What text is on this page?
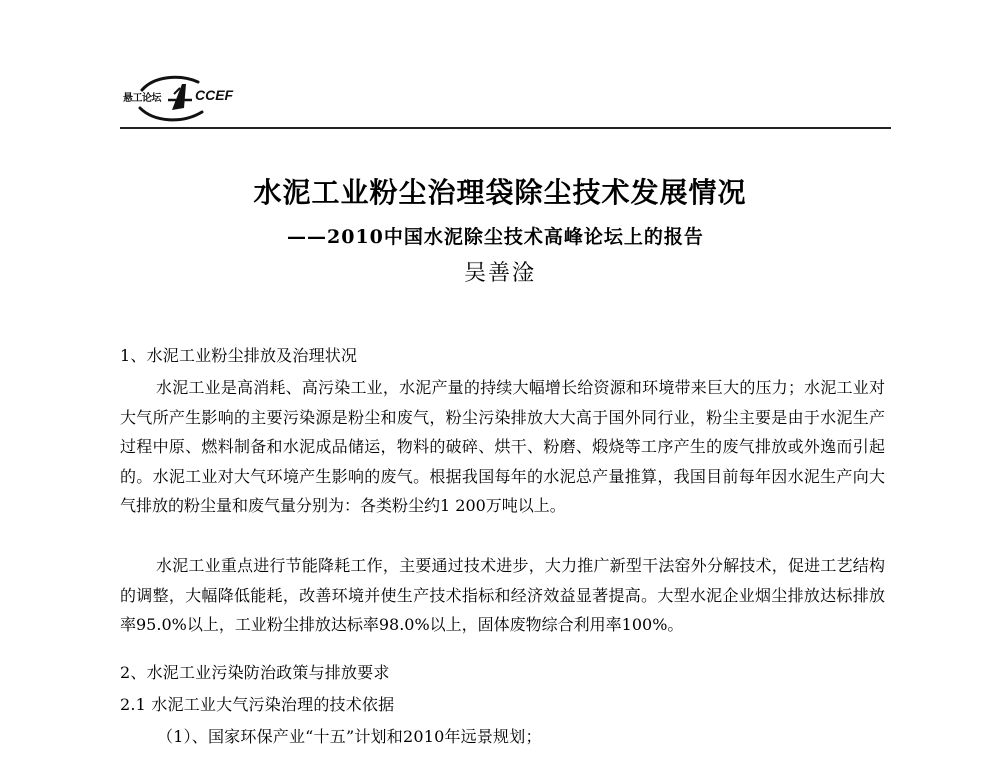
悬工论坛 CCEF
水泥工业粉尘治理袋除尘技术发展情况
——2010中国水泥除尘技术高峰论坛上的报告
吴善淦
1、水泥工业粉尘排放及治理状况
水泥工业是高消耗、高污染工业，水泥产量的持续大幅增长给资源和环境带来巨大的压力；水泥工业对大气所产生影响的主要污染源是粉尘和废气，粉尘污染排放大大高于国外同行业，粉尘主要是由于水泥生产过程中原、燃料制备和水泥成品储运，物料的破碎、烘干、粉磨、煅烧等工序产生的废气排放或外逸而引起的。水泥工业对大气环境产生影响的废气。根据我国每年的水泥总产量推算，我国目前每年因水泥生产向大气排放的粉尘量和废气量分别为：各类粉尘约1 200万吨以上。
水泥工业重点进行节能降耗工作，主要通过技术进步，大力推广新型干法窑外分解技术，促进工艺结构的调整，大幅降低能耗，改善环境并使生产技术指标和经济效益显著提高。大型水泥企业烟尘排放达标排放率95.0%以上，工业粉尘排放达标率98.0%以上，固体废物综合利用率100%。
2、水泥工业污染防治政策与排放要求
2.1 水泥工业大气污染治理的技术依据
（1）、国家环保产业“十五”计划和2010年远景规划；
